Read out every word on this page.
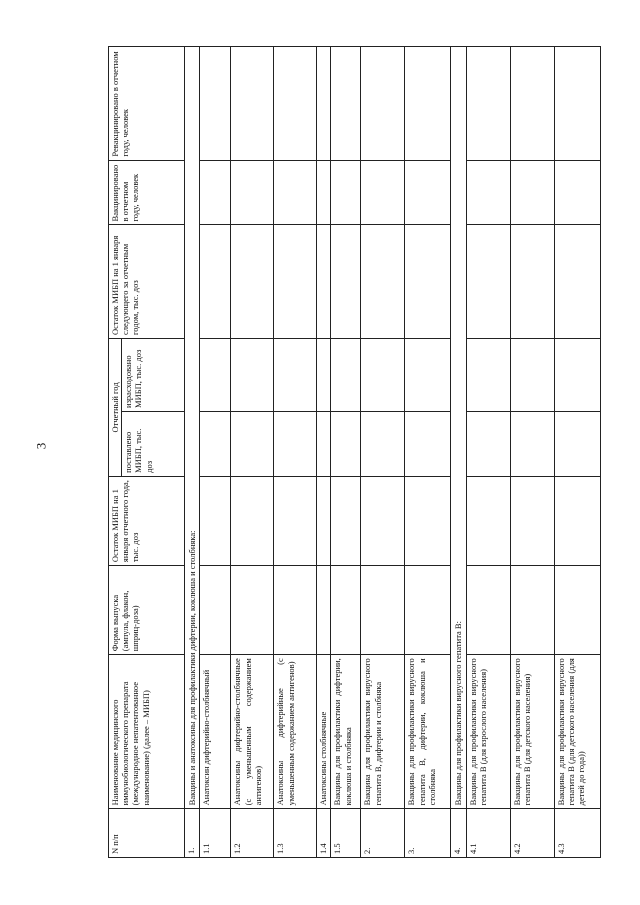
3
N п/п	Наименование медицинского иммунобиологического препарата (международное непатентованное наименование) (далее – МИБП)	Форма выпуска (ампула, флакон, шприц-доза)	Остаток МИБП на 1 января отчетного года, тыс. доз	Отчетный год		Остаток МИБП на 1 января следующего за отчетным годом, тыс. доз	Вакцинировано в отчетном году, человек	Ревакцинировано в отчетном году, человек
				поставлено МИБП, тыс. доз	израсходовано МИБП, тыс. доз			
1.	Вакцины и анатоксины для профилактики дифтерии, коклюша и столбняка:							
1.1	Анатоксин дифтерийно-столбнячный							
1.2	Анатоксины дифтерийно-столбнячные (с уменьшенным содержанием антигенов)							
1.3	Анатоксины дифтерийные (с уменьшенным содержанием антигенов)							
1.4	Анатоксины столбнячные							
1.5	Вакцины для профилактики дифтерии, коклюша и столбняка							
2.	Вакцина для профилактики вирусного гепатита В, дифтерии и столбняка							
3.	Вакцины для профилактики вирусного гепатита В, дифтерии, коклюша и столбняка							
4.	Вакцины для профилактики вирусного гепатита В:							
4.1	Вакцины для профилактики вирусного гепатита В (для взрослого населения)							
4.2	Вакцины для профилактики вирусного гепатита В (для детского населения)							
4.3	Вакцины для профилактики вирусного гепатита В (для детского населения (для детей до года))							
